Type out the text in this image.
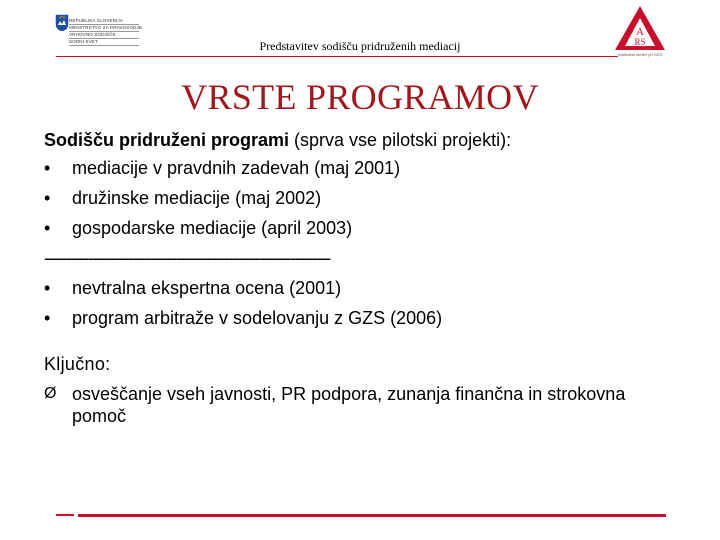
REPUBLIKA SLOVENIJA
MINISTRSTVO ZA PRAVOSODJE
VRHOVNO SODIŠČE
SODNI SVET	Predstavitev sodišču pridruženih mediacij
A
RS
Arbitražni center pri GZS
VRSTE PROGRAMOV
Sodišču pridruženi programi (sprva vse pilotski projekti):
•	mediacije v pravdnih zadevah (maj 2001)
•	družinske mediacije (maj 2002)
•	gospodarske mediacije (april 2003)
-----------------------------------------------------------------
•	nevtralna ekspertna ocena (2001)
•	program arbitraže v sodelovanju z GZS (2006)
Ključno:
Ø osveščanje vseh javnosti, PR podpora, zunanja finančna in strokovna pomoč
